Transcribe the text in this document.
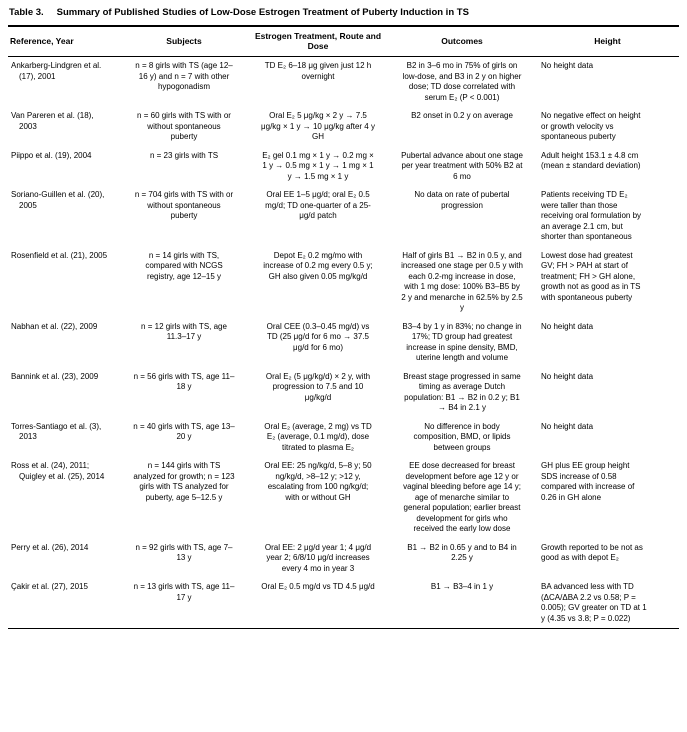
Table 3. Summary of Published Studies of Low-Dose Estrogen Treatment of Puberty Induction in TS
Reference, Year	Subjects	Estrogen Treatment, Route and Dose	Outcomes	Height
Ankarberg-Lindgren et al. (17), 2001	n = 8 girls with TS (age 12–16 y) and n = 7 with other hypogonadism	TD E₂ 6–18 μg given just 12 h overnight	B2 in 3–6 mo in 75% of girls on low-dose, and B3 in 2 y on higher dose; TD dose correlated with serum E₂ (P < 0.001)	No height data
Van Pareren et al. (18), 2003	n = 60 girls with TS with or without spontaneous puberty	Oral E₂ 5 μg/kg × 2 y → 7.5 μg/kg × 1 y → 10 μg/kg after 4 y GH	B2 onset in 0.2 y on average	No negative effect on height or growth velocity vs spontaneous puberty
Piippo et al. (19), 2004	n = 23 girls with TS	E₂ gel 0.1 mg × 1 y → 0.2 mg × 1 y → 0.5 mg × 1 y → 1 mg × 1 y → 1.5 mg × 1 y	Pubertal advance about one stage per year treatment with 50% B2 at 6 mo	Adult height 153.1 ± 4.8 cm (mean ± standard deviation)
Soriano-Guillen et al. (20), 2005	n = 704 girls with TS with or without spontaneous puberty	Oral EE 1–5 μg/d; oral E₂ 0.5 mg/d; TD one-quarter of a 25-μg/d patch	No data on rate of pubertal progression	Patients receiving TD E₂ were taller than those receiving oral formulation by an average 2.1 cm, but shorter than spontaneous
Rosenfield et al. (21), 2005	n = 14 girls with TS, compared with NCGS registry, age 12–15 y	Depot E₂ 0.2 mg/mo with increase of 0.2 mg every 0.5 y; GH also given 0.05 mg/kg/d	Half of girls B1 → B2 in 0.5 y, and increased one stage per 0.5 y with each 0.2-mg increase in dose, with 1 mg dose: 100% B3–B5 by 2 y and menarche in 62.5% by 2.5 y	Lowest dose had greatest GV; FH > PAH at start of treatment; FH > GH alone, growth not as good as in TS with spontaneous puberty
Nabhan et al. (22), 2009	n = 12 girls with TS, age 11.3–17 y	Oral CEE (0.3–0.45 mg/d) vs TD (25 μg/d for 6 mo → 37.5 μg/d for 6 mo)	B3–4 by 1 y in 83%; no change in 17%; TD group had greatest increase in spine density, BMD, uterine length and volume	No height data
Bannink et al. (23), 2009	n = 56 girls with TS, age 11–18 y	Oral E₂ (5 μg/kg/d) × 2 y, with progression to 7.5 and 10 μg/kg/d	Breast stage progressed in same timing as average Dutch population: B1 → B2 in 0.2 y; B1 → B4 in 2.1 y	No height data
Torres-Santiago et al. (3), 2013	n = 40 girls with TS, age 13–20 y	Oral E₂ (average, 2 mg) vs TD E₂ (average, 0.1 mg/d), dose titrated to plasma E₂	No difference in body composition, BMD, or lipids between groups	No height data
Ross et al. (24), 2011; Quigley et al. (25), 2014	n = 144 girls with TS analyzed for growth; n = 123 girls with TS analyzed for puberty, age 5–12.5 y	Oral EE: 25 ng/kg/d, 5–8 y; 50 ng/kg/d, >8–12 y; >12 y, escalating from 100 ng/kg/d; with or without GH	EE dose decreased for breast development before age 12 y or vaginal bleeding before age 14 y; age of menarche similar to general population; earlier breast development for girls who received the early low dose	GH plus EE group height SDS increase of 0.58 compared with increase of 0.26 in GH alone
Perry et al. (26), 2014	n = 92 girls with TS, age 7–13 y	Oral EE: 2 μg/d year 1; 4 μg/d year 2; 6/8/10 μg/d increases every 4 mo in year 3	B1 → B2 in 0.65 y and to B4 in 2.25 y	Growth reported to be not as good as with depot E₂
Çakir et al. (27), 2015	n = 13 girls with TS, age 11–17 y	Oral E₂ 0.5 mg/d vs TD 4.5 μg/d	B1 → B3–4 in 1 y	BA advanced less with TD (ΔCA/ΔBA 2.2 vs 0.58; P = 0.005); GV greater on TD at 1 y (4.35 vs 3.8; P = 0.022)
